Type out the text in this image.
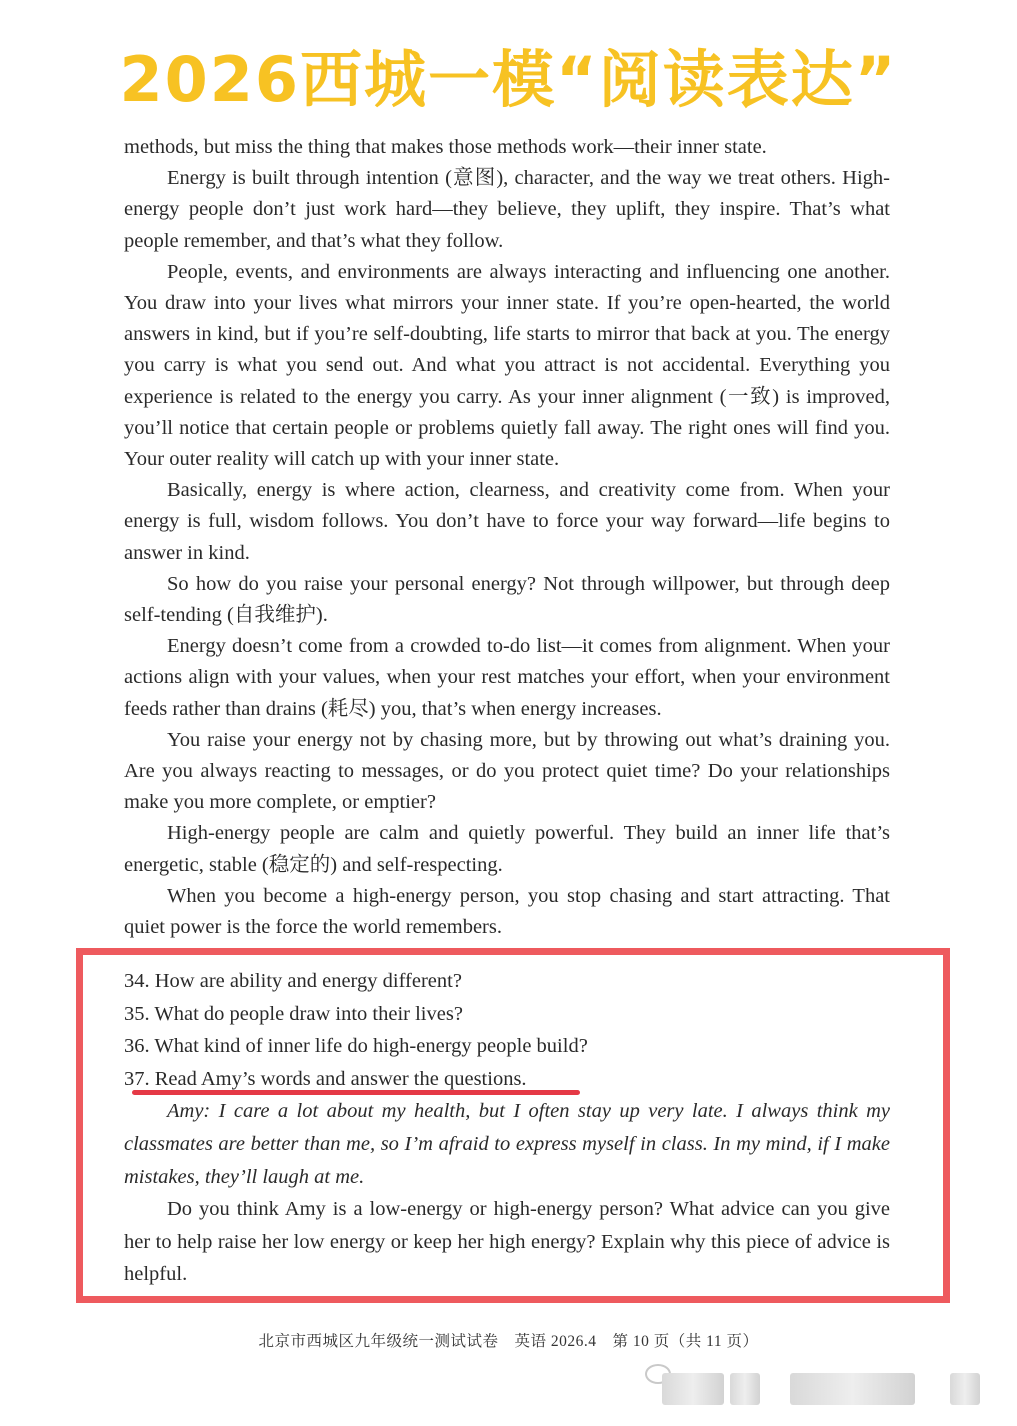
2026西城一模“阅读表达”

methods, but miss the thing that makes those methods work—their inner state.

Energy is built through intention (意图), character, and the way we treat others. High-energy people don’t just work hard—they believe, they uplift, they inspire. That’s what people remember, and that’s what they follow.

People, events, and environments are always interacting and influencing one another. You draw into your lives what mirrors your inner state. If you’re open-hearted, the world answers in kind, but if you’re self-doubting, life starts to mirror that back at you. The energy you carry is what you send out. And what you attract is not accidental. Everything you experience is related to the energy you carry. As your inner alignment (一致) is improved, you’ll notice that certain people or problems quietly fall away. The right ones will find you. Your outer reality will catch up with your inner state.

Basically, energy is where action, clearness, and creativity come from. When your energy is full, wisdom follows. You don’t have to force your way forward—life begins to answer in kind.

So how do you raise your personal energy? Not through willpower, but through deep self-tending (自我维护).

Energy doesn’t come from a crowded to-do list—it comes from alignment. When your actions align with your values, when your rest matches your effort, when your environment feeds rather than drains (耗尽) you, that’s when energy increases.

You raise your energy not by chasing more, but by throwing out what’s draining you. Are you always reacting to messages, or do you protect quiet time? Do your relationships make you more complete, or emptier?

High-energy people are calm and quietly powerful. They build an inner life that’s energetic, stable (稳定的) and self-respecting.

When you become a high-energy person, you stop chasing and start attracting. That quiet power is the force the world remembers.

34. How are ability and energy different?

35. What do people draw into their lives?

36. What kind of inner life do high-energy people build?

37. Read Amy’s words and answer the questions.

Amy: I care a lot about my health, but I often stay up very late. I always think my classmates are better than me, so I’m afraid to express myself in class. In my mind, if I make mistakes, they’ll laugh at me.

Do you think Amy is a low-energy or high-energy person? What advice can you give her to help raise her low energy or keep her high energy? Explain why this piece of advice is helpful.

北京市西城区九年级统一测试试卷　英语 2026.4　第 10 页（共 11 页）
